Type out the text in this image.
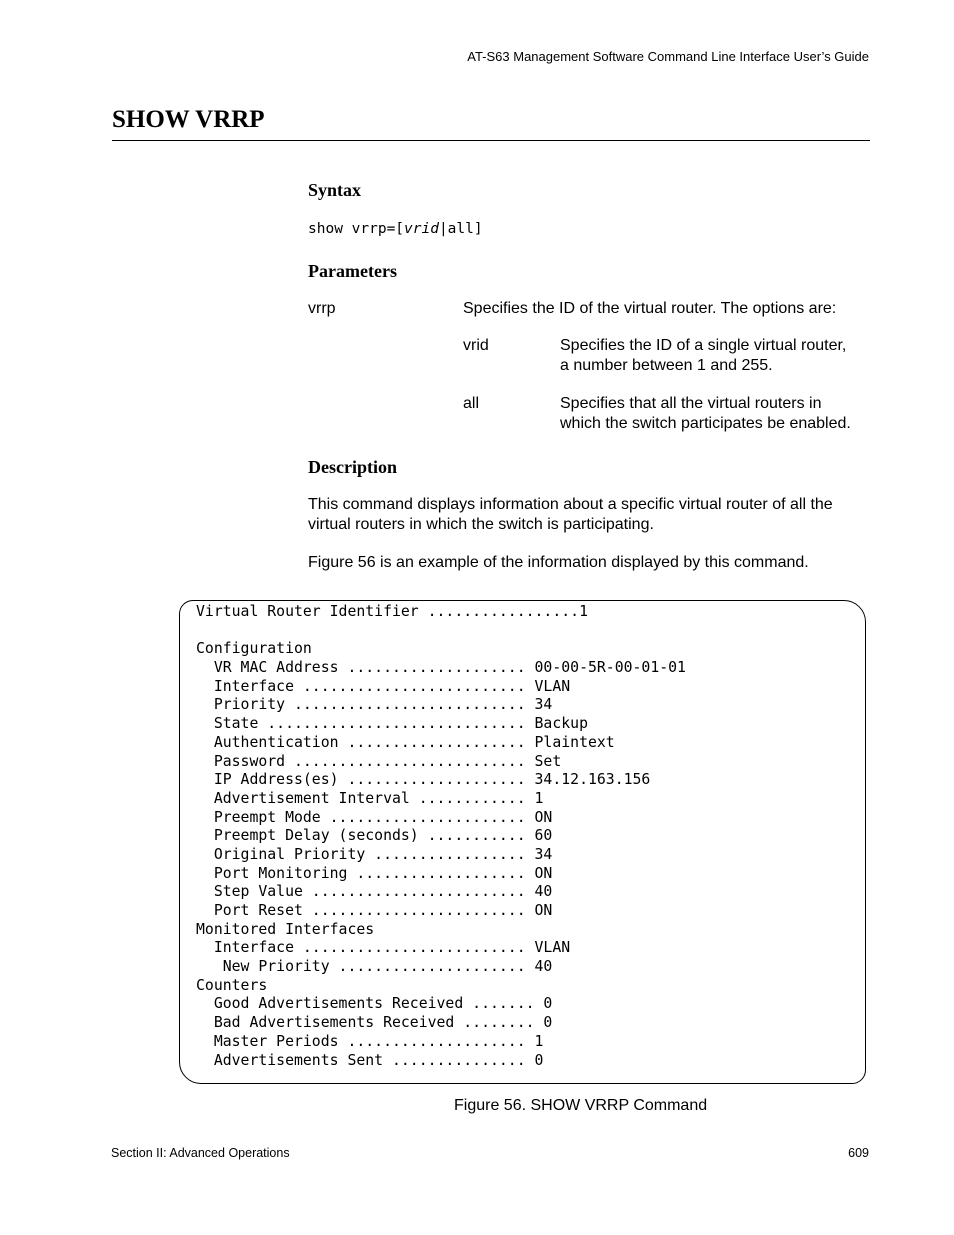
AT-S63 Management Software Command Line Interface User’s Guide
SHOW VRRP
Syntax
show vrrp=[vrid|all]
Parameters
vrrp	Specifies the ID of the virtual router. The options are:
vrid	Specifies the ID of a single virtual router,
a number between 1 and 255.
all	Specifies that all the virtual routers in
which the switch participates be enabled.
Description
This command displays information about a specific virtual router of all the
virtual routers in which the switch is participating.
Figure 56 is an example of the information displayed by this command.
Virtual Router Identifier .................1
Configuration
VR MAC Address .................... 00-00-5R-00-01-01
Interface ......................... VLAN
Priority .......................... 34
State ............................. Backup
Authentication .................... Plaintext
Password .......................... Set
IP Address(es) .................... 34.12.163.156
Advertisement Interval ............ 1
Preempt Mode ...................... ON
Preempt Delay (seconds) ........... 60
Original Priority ................. 34
Port Monitoring ................... ON
Step Value ........................ 40
Port Reset ........................ ON
Monitored Interfaces
Interface ......................... VLAN
New Priority ..................... 40
Counters
Good Advertisements Received ....... 0
Bad Advertisements Received ........ 0
Master Periods .................... 1
Advertisements Sent ............... 0
Figure 56. SHOW VRRP Command
Section II: Advanced Operations	609
